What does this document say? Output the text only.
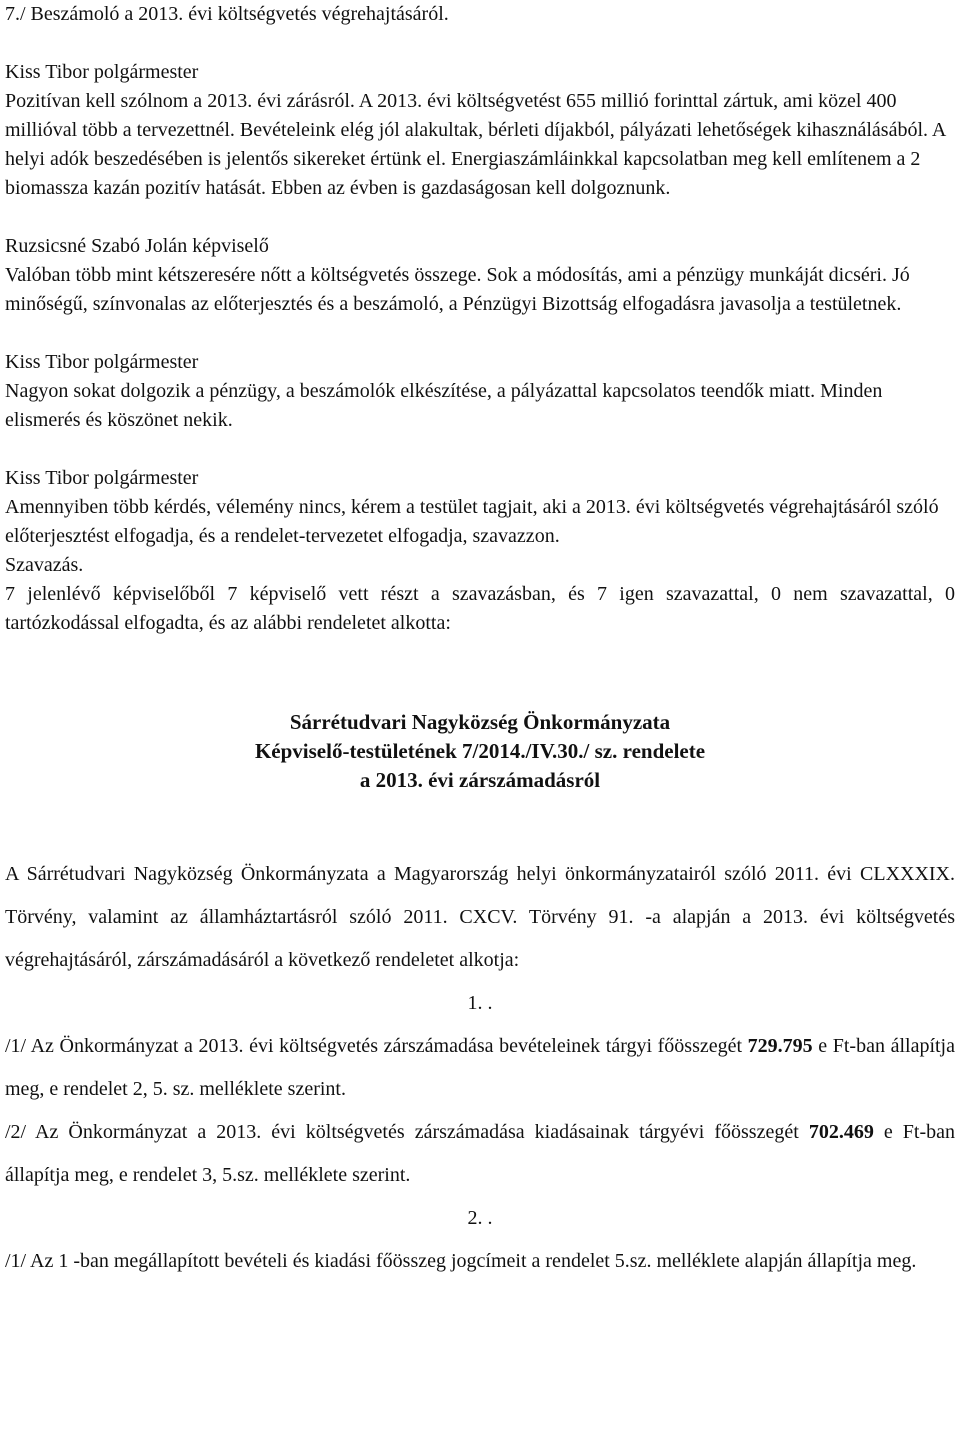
7./ Beszámoló a 2013. évi költségvetés végrehajtásáról.

Kiss Tibor polgármester

Pozitívan kell szólnom a 2013. évi zárásról. A 2013. évi költségvetést 655 millió forinttal zártuk, ami közel 400 millióval több a tervezettnél. Bevételeink elég jól alakultak, bérleti díjakból, pályázati lehetőségek kihasználásából. A helyi adók beszedésében is jelentős sikereket értünk el. Energiaszámláinkkal kapcsolatban meg kell említenem a 2 biomassza kazán pozitív hatását. Ebben az évben is gazdaságosan kell dolgoznunk.

Ruzsicsné Szabó Jolán képviselő

Valóban több mint kétszeresére nőtt a költségvetés összege. Sok a módosítás, ami a pénzügy munkáját dicséri. Jó minőségű, színvonalas az előterjesztés és a beszámoló, a Pénzügyi Bizottság elfogadásra javasolja a testületnek.

Kiss Tibor polgármester

Nagyon sokat dolgozik a pénzügy, a beszámolók elkészítése, a pályázattal kapcsolatos teendők miatt. Minden elismerés és köszönet nekik.

Kiss Tibor polgármester

Amennyiben több kérdés, vélemény nincs, kérem a testület tagjait, aki a 2013. évi költségvetés végrehajtásáról szóló előterjesztést elfogadja, és a rendelet-tervezetet elfogadja, szavazzon.

Szavazás.

7 jelenlévő képviselőből 7 képviselő vett részt a szavazásban, és 7 igen szavazattal, 0 nem szavazattal, 0 tartózkodással elfogadta, és az alábbi rendeletet alkotta:

Sárrétudvari Nagyközség Önkormányzata

Képviselő-testületének 7/2014./IV.30./ sz. rendelete

a 2013. évi zárszámadásról

A Sárrétudvari Nagyközség Önkormányzata a Magyarország helyi önkormányzatairól szóló 2011. évi CLXXXIX. Törvény, valamint az államháztartásról szóló 2011. CXCV. Törvény 91. -a alapján a 2013. évi költségvetés végrehajtásáról, zárszámadásáról a következő rendeletet alkotja:

1. .

/1/ Az Önkormányzat a 2013. évi költségvetés zárszámadása bevételeinek tárgyi főösszegét 729.795 e Ft-ban állapítja meg, e rendelet 2, 5. sz. melléklete szerint.

/2/ Az Önkormányzat a 2013. évi költségvetés zárszámadása kiadásainak tárgyévi főösszegét 702.469 e Ft-ban állapítja meg, e rendelet 3, 5.sz. melléklete szerint.

2. .

/1/ Az 1 -ban megállapított bevételi és kiadási főösszeg jogcímeit a rendelet 5.sz. melléklete alapján állapítja meg.
